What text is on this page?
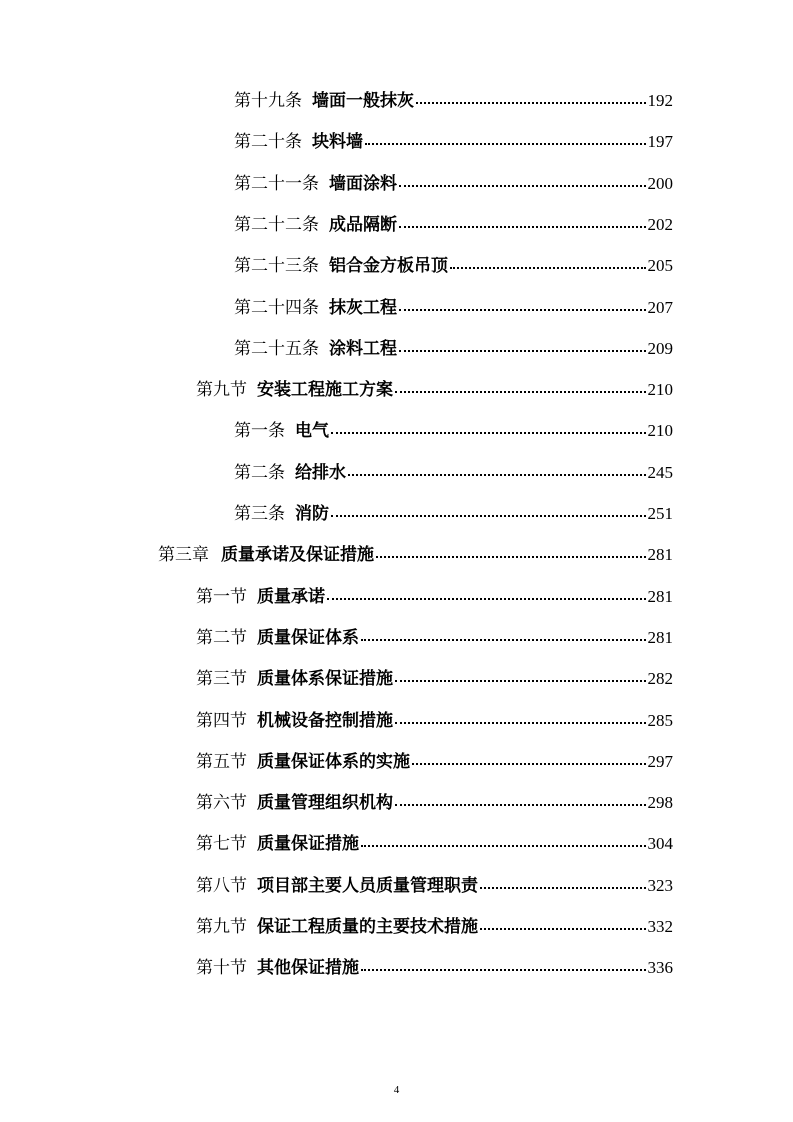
第十九条 墙面一般抹灰	192
第二十条 块料墙	197
第二十一条 墙面涂料	200
第二十二条 成品隔断	202
第二十三条 铝合金方板吊顶	205
第二十四条 抹灰工程	207
第二十五条 涂料工程	209
第九节 安装工程施工方案	210
第一条 电气	210
第二条 给排水	245
第三条 消防	251
第三章 质量承诺及保证措施	281
第一节 质量承诺	281
第二节 质量保证体系	281
第三节 质量体系保证措施	282
第四节 机械设备控制措施	285
第五节 质量保证体系的实施	297
第六节 质量管理组织机构	298
第七节 质量保证措施	304
第八节 项目部主要人员质量管理职责	323
第九节 保证工程质量的主要技术措施	332
第十节 其他保证措施	336
4
